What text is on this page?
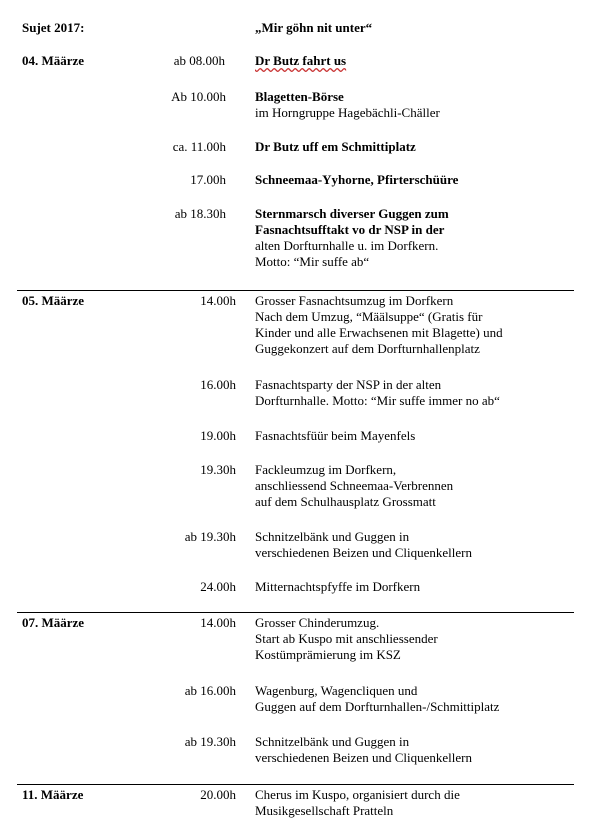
Sujet 2017:	„Mir göhn nit unter“
04. Määrze	ab 08.00h Dr Butz fahrt us
Ab 10.00h Blagetten-Börse
im Horngruppe Hagebächli-Chäller
ca. 11.00h Dr Butz uff em Schmittiplatz
17.00h Schneemaa-Yyhorne, Pfirterschüüre
ab 18.30h Sternmarsch diverser Guggen zum
Fasnachtsufftakt vo dr NSP in der
alten Dorfturnhalle u. im Dorfkern.
Motto: “Mir suffe ab“
05. Määrze	14.00h Grosser Fasnachtsumzug im Dorfkern
Nach dem Umzug, “Määlsuppe“ (Gratis für
Kinder und alle Erwachsenen mit Blagette) und
Guggekonzert auf dem Dorfturnhallenplatz
16.00h Fasnachtsparty der NSP in der alten
Dorfturnhalle. Motto: “Mir suffe immer no ab“
19.00h Fasnachtsfüür beim Mayenfels
19.30h Fackleumzug im Dorfkern,
anschliessend Schneemaa-Verbrennen
auf dem Schulhausplatz Grossmatt
ab 19.30h Schnitzelbänk und Guggen in
verschiedenen Beizen und Cliquenkellern
24.00h Mitternachtspfyffe im Dorfkern
07. Määrze	14.00h Grosser Chinderumzug.
Start ab Kuspo mit anschliessender
Kostümprämierung im KSZ
ab 16.00h Wagenburg, Wagencliquen und
Guggen auf dem Dorfturnhallen-/Schmittiplatz
ab 19.30h Schnitzelbänk und Guggen in
verschiedenen Beizen und Cliquenkellern
11. Määrze	20.00h Cherus im Kuspo, organisiert durch die
Musikgesellschaft Pratteln
